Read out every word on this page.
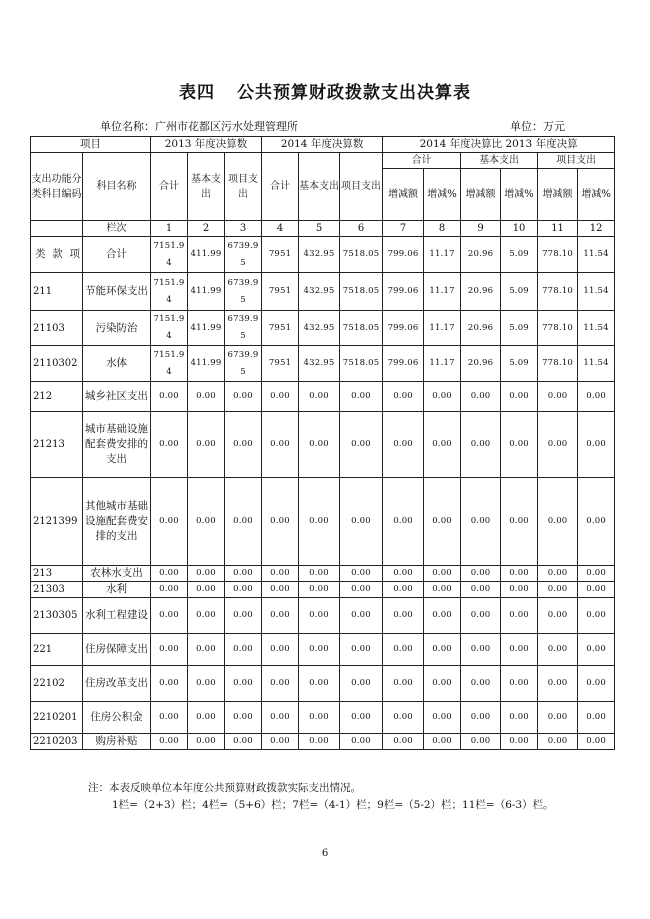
表四 公共预算财政拨款支出决算表
单位名称：广州市花都区污水处理管理所	单位：万元
项目		2013 年度决算数			2014 年度决算数			2014 年度决算比 2013 年度决算					
支出功能分类科目编码	科目名称	合计	基本支出	项目支出	合计	基本支出	项目支出	合计		基本支出		项目支出	
								增减额	增减%	增减额	增减%	增减额	增减%
	栏次	1	2	3	4	5	6	7	8	9	10	11	12

类 款 项	合计	7151.94	411.99	6739.95	7951	432.95	7518.05	799.06	11.17	20.96	5.09	778.10	11.54
211	节能环保支出	7151.94	411.99	6739.95	7951	432.95	7518.05	799.06	11.17	20.96	5.09	778.10	11.54
21103	污染防治	7151.94	411.99	6739.95	7951	432.95	7518.05	799.06	11.17	20.96	5.09	778.10	11.54
2110302	水体	7151.94	411.99	6739.95	7951	432.95	7518.05	799.06	11.17	20.96	5.09	778.10	11.54
212	城乡社区支出	0.00	0.00	0.00	0.00	0.00	0.00	0.00	0.00	0.00	0.00	0.00	0.00
21213	城市基础设施配套费安排的支出	0.00	0.00	0.00	0.00	0.00	0.00	0.00	0.00	0.00	0.00	0.00	0.00
2121399	其他城市基础设施配套费安排的支出	0.00	0.00	0.00	0.00	0.00	0.00	0.00	0.00	0.00	0.00	0.00	0.00
213	农林水支出	0.00	0.00	0.00	0.00	0.00	0.00	0.00	0.00	0.00	0.00	0.00	0.00
21303	水利	0.00	0.00	0.00	0.00	0.00	0.00	0.00	0.00	0.00	0.00	0.00	0.00
2130305	水利工程建设	0.00	0.00	0.00	0.00	0.00	0.00	0.00	0.00	0.00	0.00	0.00	0.00
221	住房保障支出	0.00	0.00	0.00	0.00	0.00	0.00	0.00	0.00	0.00	0.00	0.00	0.00
22102	住房改革支出	0.00	0.00	0.00	0.00	0.00	0.00	0.00	0.00	0.00	0.00	0.00	0.00
2210201	住房公积金	0.00	0.00	0.00	0.00	0.00	0.00	0.00	0.00	0.00	0.00	0.00	0.00
2210203	购房补贴	0.00	0.00	0.00	0.00	0.00	0.00	0.00	0.00	0.00	0.00	0.00	0.00
注：本表反映单位本年度公共预算财政拨款实际支出情况。
1栏=（2+3）栏；4栏=（5+6）栏；7栏=（4-1）栏；9栏=（5-2）栏；11栏=（6-3）栏。
6
